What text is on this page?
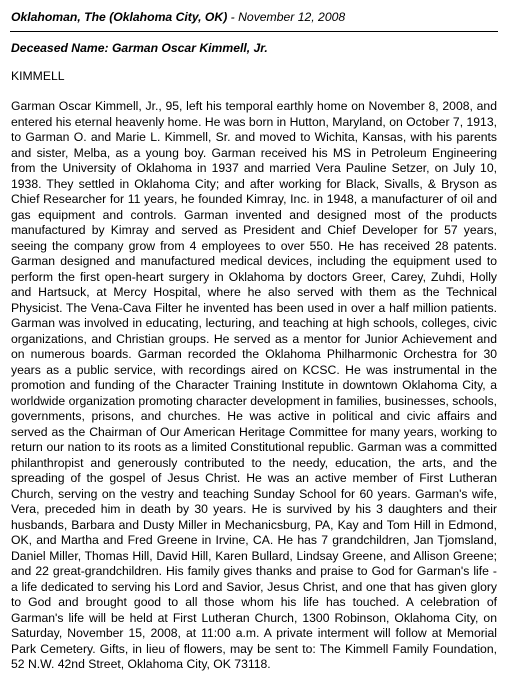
Oklahoman, The (Oklahoma City, OK) - November 12, 2008
Deceased Name: Garman Oscar Kimmell, Jr.
KIMMELL

Garman Oscar Kimmell, Jr., 95, left his temporal earthly home on November 8, 2008, and entered his eternal heavenly home. He was born in Hutton, Maryland, on October 7, 1913, to Garman O. and Marie L. Kimmell, Sr. and moved to Wichita, Kansas, with his parents and sister, Melba, as a young boy. Garman received his MS in Petroleum Engineering from the University of Oklahoma in 1937 and married Vera Pauline Setzer, on July 10, 1938. They settled in Oklahoma City; and after working for Black, Sivalls, & Bryson as Chief Researcher for 11 years, he founded Kimray, Inc. in 1948, a manufacturer of oil and gas equipment and controls. Garman invented and designed most of the products manufactured by Kimray and served as President and Chief Developer for 57 years, seeing the company grow from 4 employees to over 550. He has received 28 patents. Garman designed and manufactured medical devices, including the equipment used to perform the first open-heart surgery in Oklahoma by doctors Greer, Carey, Zuhdi, Holly and Hartsuck, at Mercy Hospital, where he also served with them as the Technical Physicist. The Vena-Cava Filter he invented has been used in over a half million patients. Garman was involved in educating, lecturing, and teaching at high schools, colleges, civic organizations, and Christian groups. He served as a mentor for Junior Achievement and on numerous boards. Garman recorded the Oklahoma Philharmonic Orchestra for 30 years as a public service, with recordings aired on KCSC. He was instrumental in the promotion and funding of the Character Training Institute in downtown Oklahoma City, a worldwide organization promoting character development in families, businesses, schools, governments, prisons, and churches. He was active in political and civic affairs and served as the Chairman of Our American Heritage Committee for many years, working to return our nation to its roots as a limited Constitutional republic. Garman was a committed philanthropist and generously contributed to the needy, education, the arts, and the spreading of the gospel of Jesus Christ. He was an active member of First Lutheran Church, serving on the vestry and teaching Sunday School for 60 years. Garman's wife, Vera, preceded him in death by 30 years. He is survived by his 3 daughters and their husbands, Barbara and Dusty Miller in Mechanicsburg, PA, Kay and Tom Hill in Edmond, OK, and Martha and Fred Greene in Irvine, CA. He has 7 grandchildren, Jan Tjomsland, Daniel Miller, Thomas Hill, David Hill, Karen Bullard, Lindsay Greene, and Allison Greene; and 22 great-grandchildren. His family gives thanks and praise to God for Garman's life - a life dedicated to serving his Lord and Savior, Jesus Christ, and one that has given glory to God and brought good to all those whom his life has touched. A celebration of Garman's life will be held at First Lutheran Church, 1300 Robinson, Oklahoma City, on Saturday, November 15, 2008, at 11:00 a.m. A private interment will follow at Memorial Park Cemetery. Gifts, in lieu of flowers, may be sent to: The Kimmell Family Foundation, 52 N.W. 42nd Street, Oklahoma City, OK 73118.
